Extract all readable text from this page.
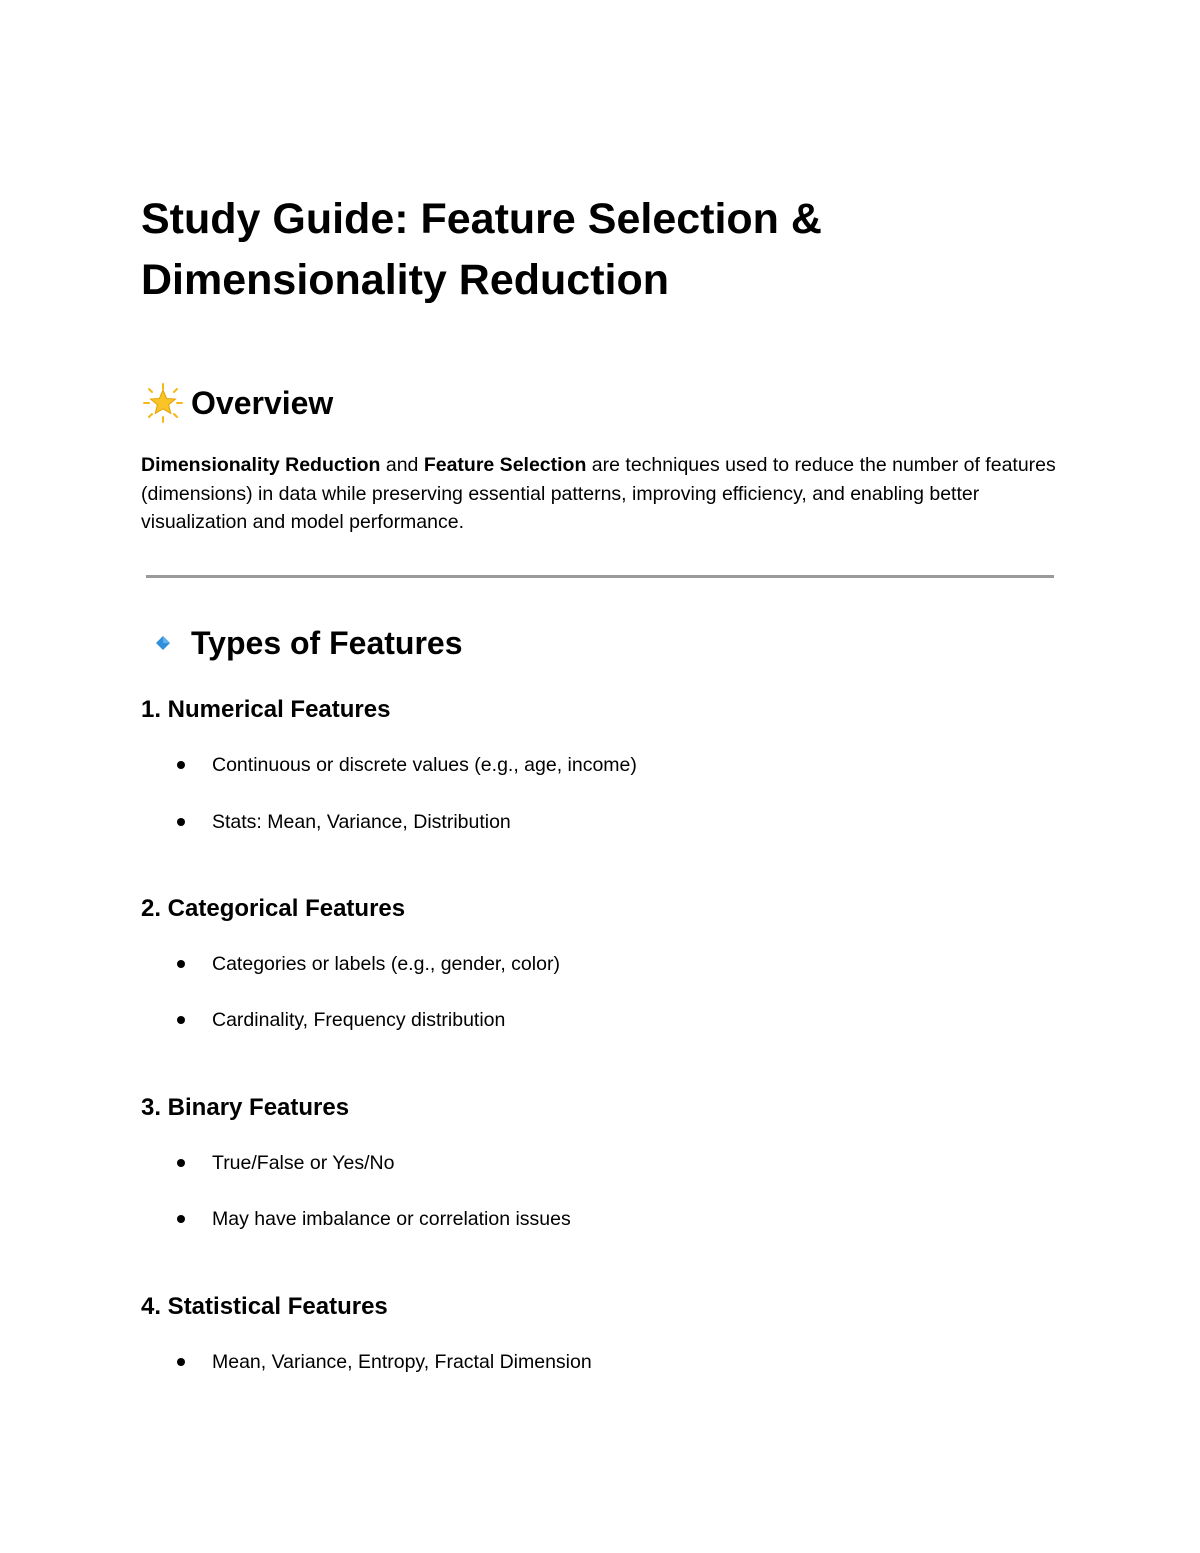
Study Guide: Feature Selection & Dimensionality Reduction
Overview

Dimensionality Reduction and Feature Selection are techniques used to reduce the number of features (dimensions) in data while preserving essential patterns, improving efficiency, and enabling better visualization and model performance.

Types of Features
1. Numerical Features
Continuous or discrete values (e.g., age, income)
Stats: Mean, Variance, Distribution
2. Categorical Features
Categories or labels (e.g., gender, color)
Cardinality, Frequency distribution
3. Binary Features
True/False or Yes/No
May have imbalance or correlation issues
4. Statistical Features
Mean, Variance, Entropy, Fractal Dimension
